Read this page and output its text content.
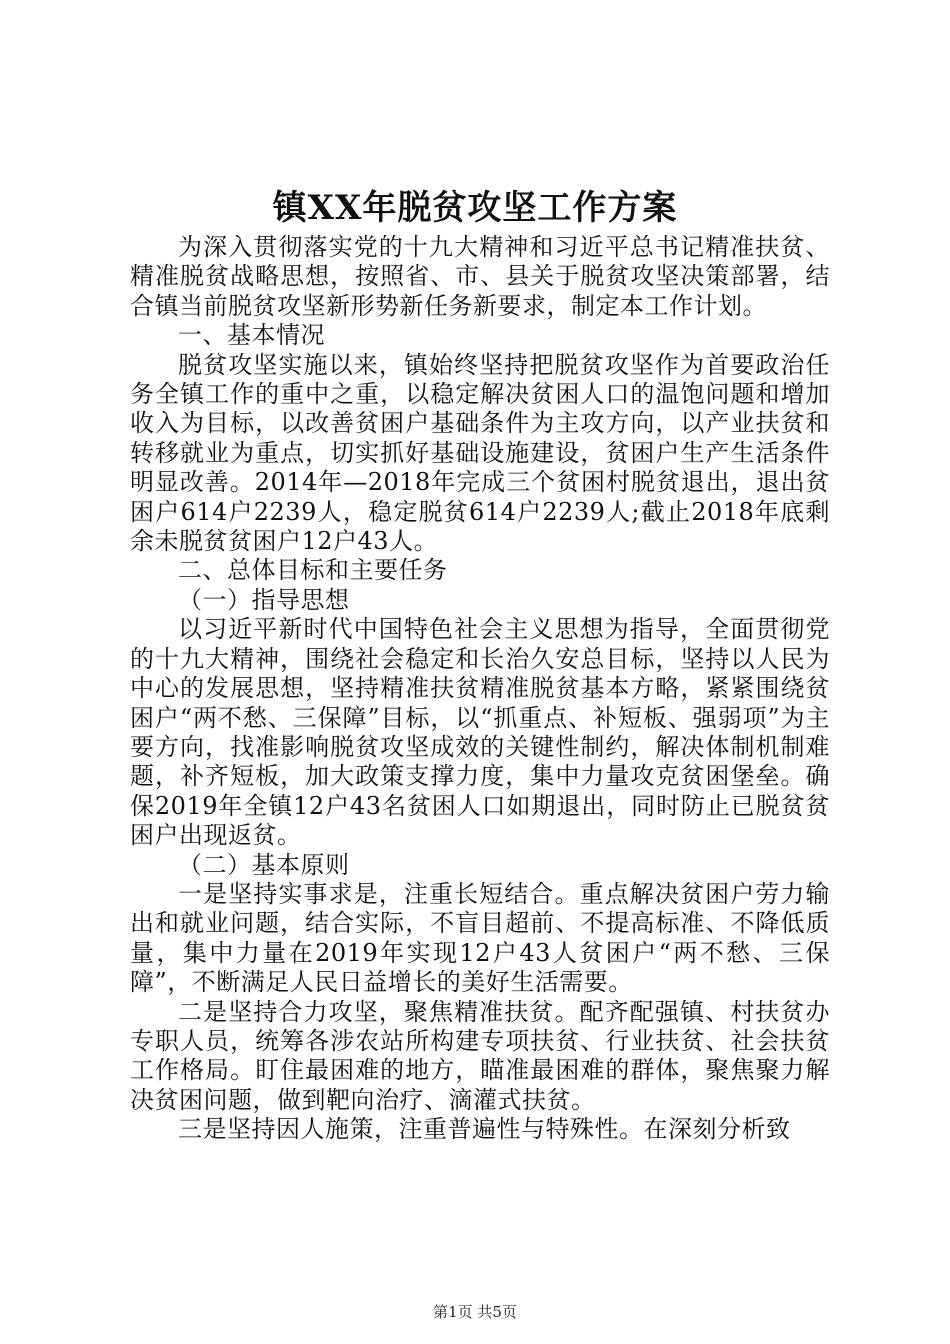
镇XX年脱贫攻坚工作方案

为深入贯彻落实党的十九大精神和习近平总书记精准扶贫、精准脱贫战略思想，按照省、市、县关于脱贫攻坚决策部署，结合镇当前脱贫攻坚新形势新任务新要求，制定本工作计划。

一、基本情况

脱贫攻坚实施以来，镇始终坚持把脱贫攻坚作为首要政治任务全镇工作的重中之重，以稳定解决贫困人口的温饱问题和增加收入为目标，以改善贫困户基础条件为主攻方向，以产业扶贫和转移就业为重点，切实抓好基础设施建设，贫困户生产生活条件明显改善。2014年—2018年完成三个贫困村脱贫退出，退出贫困户614户2239人，稳定脱贫614户2239人;截止2018年底剩余未脱贫贫困户12户43人。

二、总体目标和主要任务

（一）指导思想

以习近平新时代中国特色社会主义思想为指导，全面贯彻党的十九大精神，围绕社会稳定和长治久安总目标，坚持以人民为中心的发展思想，坚持精准扶贫精准脱贫基本方略，紧紧围绕贫困户“两不愁、三保障”目标，以“抓重点、补短板、强弱项”为主要方向，找准影响脱贫攻坚成效的关键性制约，解决体制机制难题，补齐短板，加大政策支撑力度，集中力量攻克贫困堡垒。确保2019年全镇12户43名贫困人口如期退出，同时防止已脱贫贫困户出现返贫。

（二）基本原则

一是坚持实事求是，注重长短结合。重点解决贫困户劳力输出和就业问题，结合实际，不盲目超前、不提高标准、不降低质量，集中力量在2019年实现12户43人贫困户“两不愁、三保障”，不断满足人民日益增长的美好生活需要。

二是坚持合力攻坚，聚焦精准扶贫。配齐配强镇、村扶贫办专职人员，统筹各涉农站所构建专项扶贫、行业扶贫、社会扶贫工作格局。盯住最困难的地方，瞄准最困难的群体，聚焦聚力解决贫困问题，做到靶向治疗、滴灌式扶贫。

三是坚持因人施策，注重普遍性与特殊性。在深刻分析致

第1页 共5页
